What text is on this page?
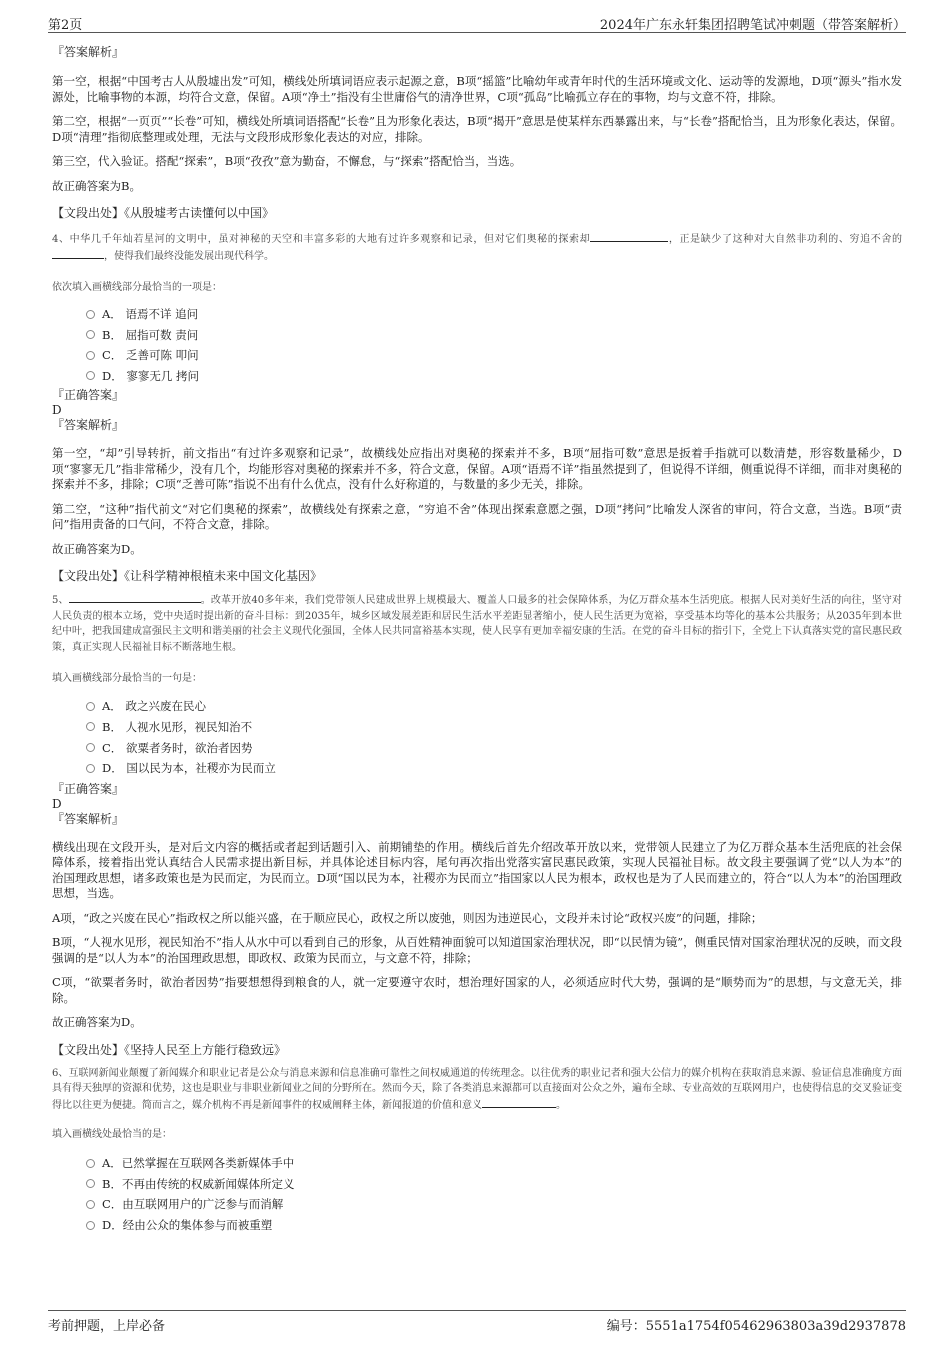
第2页	2024年广东永轩集团招聘笔试冲刺题（带答案解析）

『答案解析』

第一空，根据“中国考古人从殷墟出发”可知，横线处所填词语应表示起源之意，B项“摇篮”比喻幼年或青年时代的生活环境或文化、运动等的发源地，D项“源头”指水发源处，比喻事物的本源，均符合文意，保留。A项“净土”指没有尘世庸俗气的清净世界，C项“孤岛”比喻孤立存在的事物，均与文意不符，排除。

第二空，根据“一页页”“长卷”可知，横线处所填词语搭配“长卷”且为形象化表达，B项“揭开”意思是使某样东西暴露出来，与“长卷”搭配恰当，且为形象化表达，保留。D项“清理”指彻底整理或处理，无法与文段形成形象化表达的对应，排除。

第三空，代入验证。搭配“探索”，B项“孜孜”意为勤奋，不懈怠，与“探索”搭配恰当，当选。

故正确答案为B。

【文段出处】《从殷墟考古读懂何以中国》

4、中华几千年灿若星河的文明中，虽对神秘的天空和丰富多彩的大地有过许多观察和记录，但对它们奥秘的探索却	，正是缺少了这种对大自然非功利的、穷追不舍的，使得我们最终没能发展出现代科学。

依次填入画横线部分最恰当的一项是：

A． 语焉不详 追问
B． 屈指可数 责问
C． 乏善可陈 叩问
D． 寥寥无几 拷问

『正确答案』

D

『答案解析』

第一空，“却”引导转折，前文指出“有过许多观察和记录”，故横线处应指出对奥秘的探索并不多，B项“屈指可数”意思是扳着手指就可以数清楚，形容数量稀少，D项“寥寥无几”指非常稀少，没有几个，均能形容对奥秘的探索并不多，符合文意，保留。A项“语焉不详”指虽然提到了，但说得不详细，侧重说得不详细，而非对奥秘的探索并不多，排除；C项“乏善可陈”指说不出有什么优点，没有什么好称道的，与数量的多少无关，排除。

第二空，“这种”指代前文“对它们奥秘的探索”，故横线处有探索之意，“穷追不舍”体现出探索意愿之强，D项“拷问”比喻发人深省的审问，符合文意，当选。B项“责问”指用责备的口气问，不符合文意，排除。

故正确答案为D。

【文段出处】《让科学精神根植未来中国文化基因》

5、	。改革开放40多年来，我们党带领人民建成世界上规模最大、覆盖人口最多的社会保障体系，为亿万群众基本生活兜底。根据人民对美好生活的向往，坚守对人民负责的根本立场，党中央适时提出新的奋斗目标：到2035年，城乡区域发展差距和居民生活水平差距显著缩小，使人民生活更为宽裕，享受基本均等化的基本公共服务；从2035年到本世纪中叶，把我国建成富强民主文明和谐美丽的社会主义现代化强国，全体人民共同富裕基本实现，使人民享有更加幸福安康的生活。在党的奋斗目标的指引下，全党上下认真落实党的富民惠民政策，真正实现人民福祉目标不断落地生根。

填入画横线部分最恰当的一句是：

A． 政之兴废在民心
B． 人视水见形，视民知治不
C． 欲粟者务时，欲治者因势
D． 国以民为本，社稷亦为民而立

『正确答案』

D

『答案解析』

横线出现在文段开头，是对后文内容的概括或者起到话题引入、前期铺垫的作用。横线后首先介绍改革开放以来，党带领人民建立了为亿万群众基本生活兜底的社会保障体系，接着指出党认真结合人民需求提出新目标，并具体论述目标内容，尾句再次指出党落实富民惠民政策，实现人民福祉目标。故文段主要强调了党“以人为本”的治国理政思想，诸多政策也是为民而定，为民而立。D项“国以民为本，社稷亦为民而立”指国家以人民为根本，政权也是为了人民而建立的，符合“以人为本”的治国理政思想，当选。

A项，“政之兴废在民心”指政权之所以能兴盛，在于顺应民心，政权之所以废弛，则因为违逆民心，文段并未讨论“政权兴废”的问题，排除；

B项，“人视水见形，视民知治不”指人从水中可以看到自己的形象，从百姓精神面貌可以知道国家治理状况，即“以民情为镜”，侧重民情对国家治理状况的反映，而文段强调的是“以人为本”的治国理政思想，即政权、政策为民而立，与文意不符，排除；

C项，“欲粟者务时，欲治者因势”指要想想得到粮食的人，就一定要遵守农时，想治理好国家的人，必须适应时代大势，强调的是“顺势而为”的思想，与文意无关，排除。

故正确答案为D。

【文段出处】《坚持人民至上方能行稳致远》

6、互联网新闻业颠覆了新闻媒介和职业记者是公众与消息来源和信息准确可靠性之间权威通道的传统理念。以往优秀的职业记者和强大公信力的媒介机构在获取消息来源、验证信息准确度方面具有得天独厚的资源和优势，这也是职业与非职业新闻业之间的分野所在。然而今天，除了各类消息来源都可以直接面对公众之外，遍布全球、专业高效的互联网用户，也使得信息的交叉验证变得比以往更为便捷。简而言之，媒介机构不再是新闻事件的权威阐释主体，新闻报道的价值和意义	。

填入画横线处最恰当的是：

A．已然掌握在互联网各类新媒体手中
B．不再由传统的权威新闻媒体所定义
C．由互联网用户的广泛参与而消解
D．经由公众的集体参与而被重塑
考前押题，上岸必备	编号：5551a1754f05462963803a39d2937878
